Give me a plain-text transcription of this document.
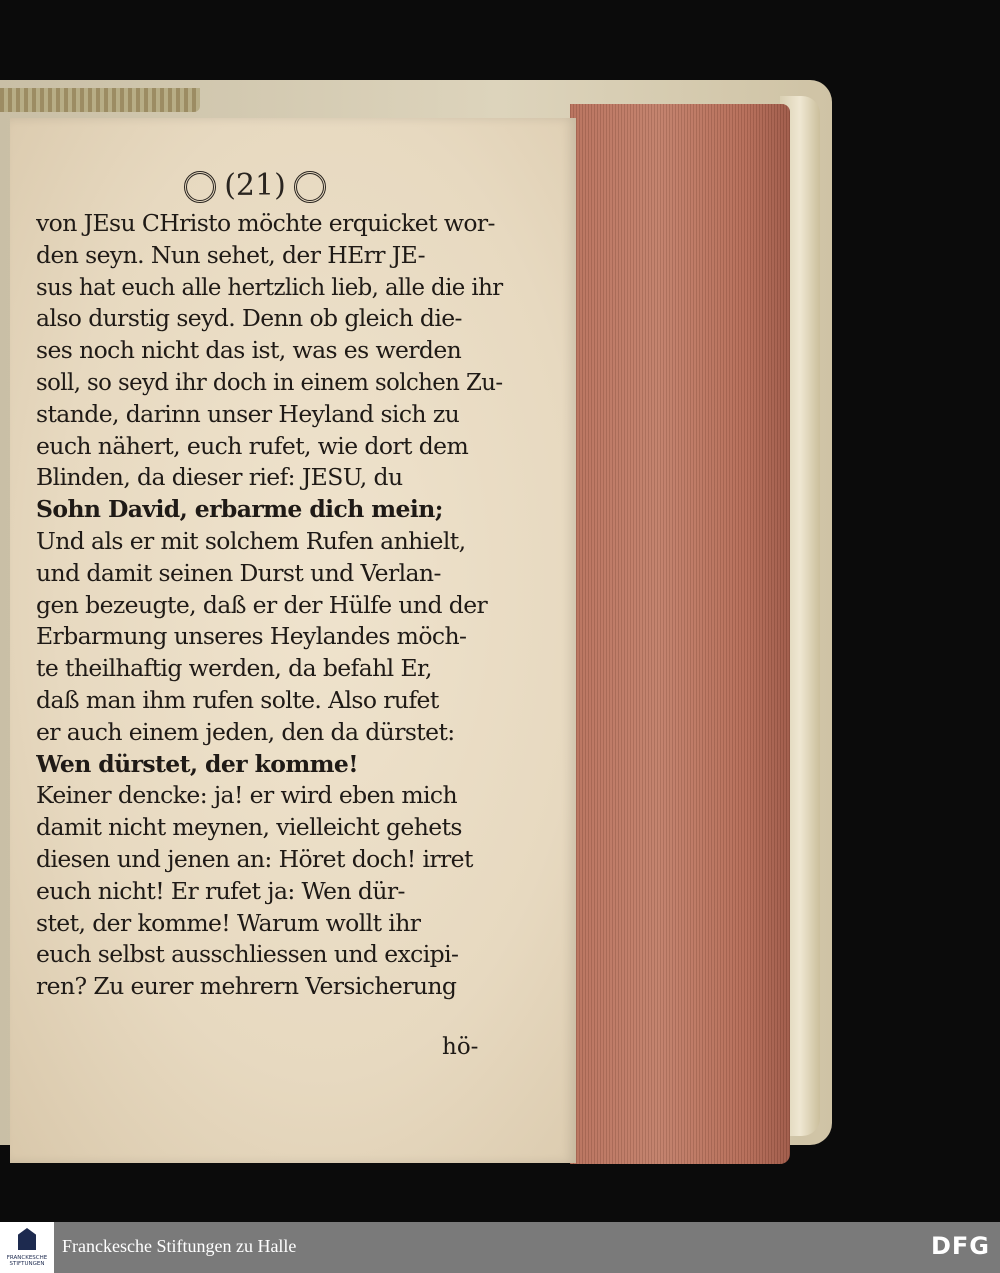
(21)
von JEsu CHristo möchte erquicket wor-
den seyn. Nun sehet, der HErr JE-
sus hat euch alle hertzlich lieb, alle die ihr
also durstig seyd. Denn ob gleich die-
ses noch nicht das ist, was es werden
soll, so seyd ihr doch in einem solchen Zu-
stande, darinn unser Heyland sich zu
euch nähert, euch rufet, wie dort dem
Blinden, da dieser rief: JESU, du
Sohn David, erbarme dich mein;
Und als er mit solchem Rufen anhielt,
und damit seinen Durst und Verlan-
gen bezeugte, daß er der Hülfe und der
Erbarmung unseres Heylandes möch-
te theilhaftig werden, da befahl Er,
daß man ihm rufen solte. Also rufet
er auch einem jeden, den da dürstet:
Wen dürstet, der komme!
Keiner dencke: ja! er wird eben mich
damit nicht meynen, vielleicht gehets
diesen und jenen an: Höret doch! irret
euch nicht! Er rufet ja: Wen dür-
stet, der komme! Warum wollt ihr
euch selbst ausschliessen und excipi-
ren? Zu eurer mehrern Versicherung
hö-
FRANCKESCHE STIFTUNGEN
Franckesche Stiftungen zu Halle	DFG
